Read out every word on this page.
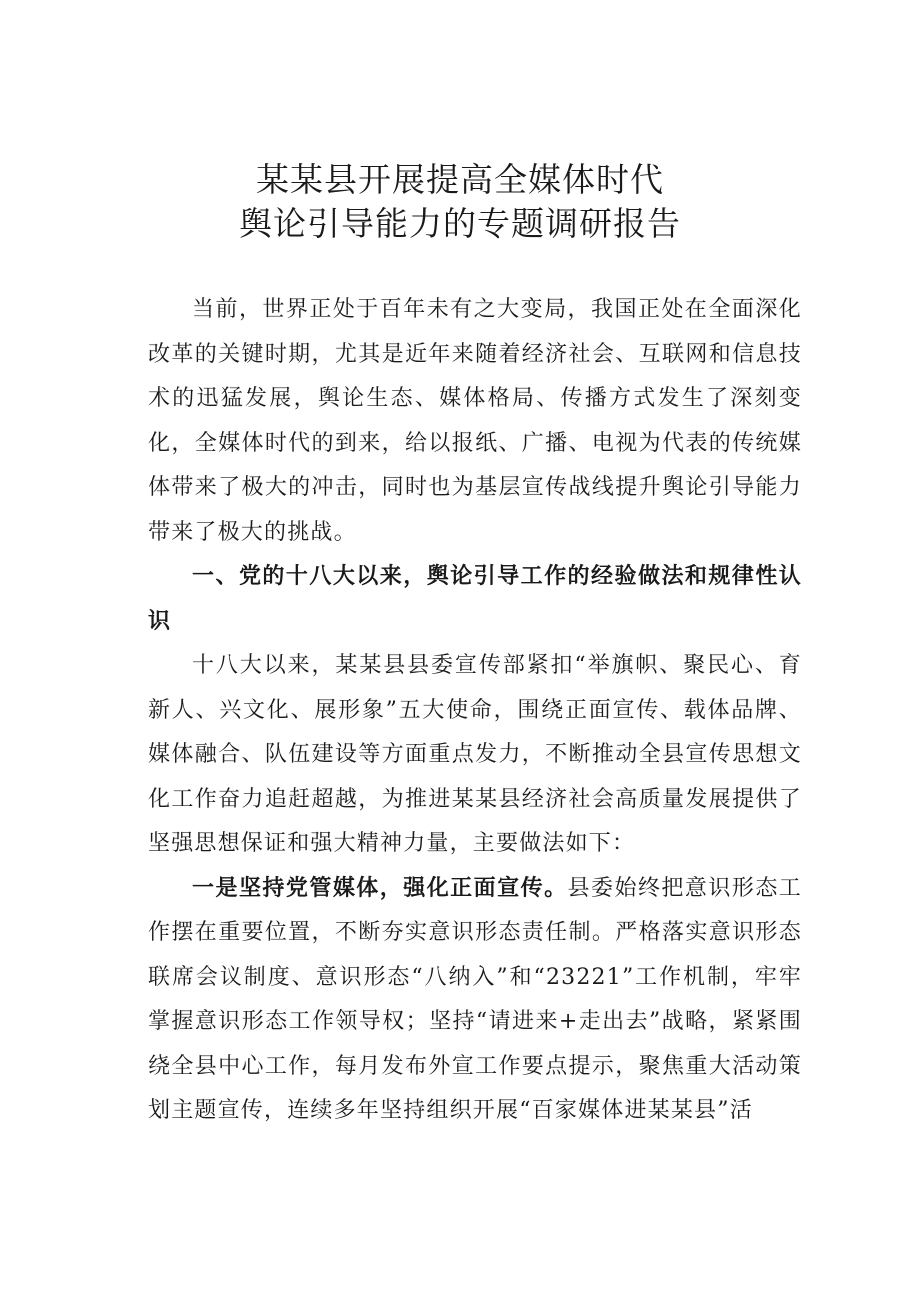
某某县开展提高全媒体时代
舆论引导能力的专题调研报告

当前，世界正处于百年未有之大变局，我国正处在全面深化改革的关键时期，尤其是近年来随着经济社会、互联网和信息技术的迅猛发展，舆论生态、媒体格局、传播方式发生了深刻变化，全媒体时代的到来，给以报纸、广播、电视为代表的传统媒体带来了极大的冲击，同时也为基层宣传战线提升舆论引导能力带来了极大的挑战。

一、党的十八大以来，舆论引导工作的经验做法和规律性认识

十八大以来，某某县县委宣传部紧扣“举旗帜、聚民心、育新人、兴文化、展形象”五大使命，围绕正面宣传、载体品牌、媒体融合、队伍建设等方面重点发力，不断推动全县宣传思想文化工作奋力追赶超越，为推进某某县经济社会高质量发展提供了坚强思想保证和强大精神力量，主要做法如下：

一是坚持党管媒体，强化正面宣传。县委始终把意识形态工作摆在重要位置，不断夯实意识形态责任制。严格落实意识形态联席会议制度、意识形态“八纳入”和“23221”工作机制，牢牢掌握意识形态工作领导权；坚持“请进来+走出去”战略，紧紧围绕全县中心工作，每月发布外宣工作要点提示，聚焦重大活动策划主题宣传，连续多年坚持组织开展“百家媒体进某某县”活
